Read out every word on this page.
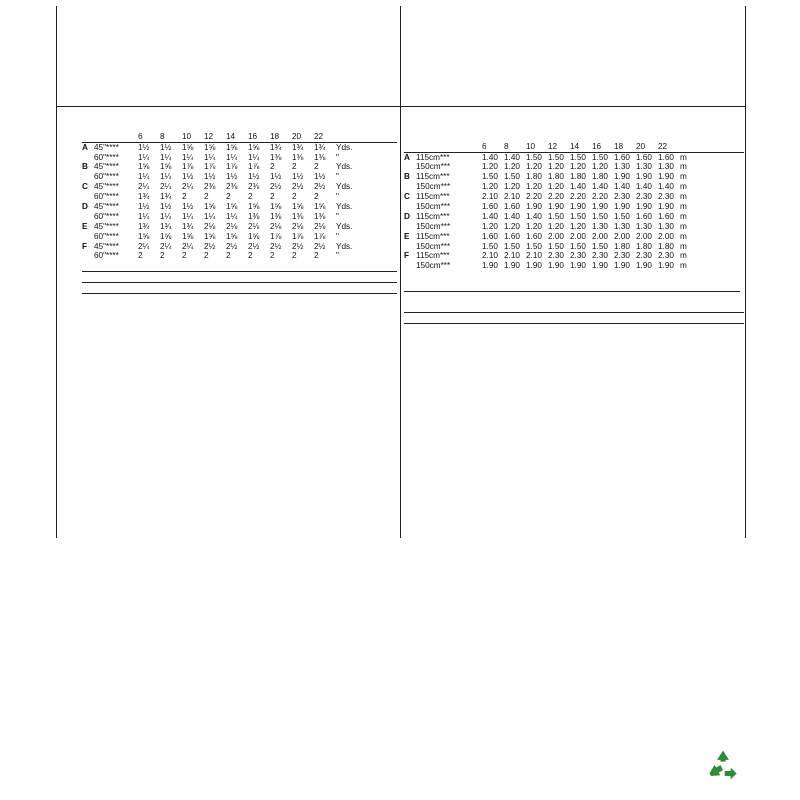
6	8	10	12	14	16	18	20	22
A 45"****	1½	1½	1⅝	1⅝	1⅝	1⅝	1¾	1¾	1¾	Yds.
60"****	1¼	1¼	1¼	1¼	1¼	1¼	1⅜	1⅜	1⅜	"
B 45"****	1⅝	1⅝	1⅞	1⅞	1⅞	1⅞	2	2	2	Yds.
60"****	1¼	1¼	1½	1½	1½	1½	1½	1½	1½	"
C 45"****	2¼	2¼	2¼	2⅜	2⅜	2⅜	2½	2½	2½	Yds.
60"****	1¾	1¾	2	2	2	2	2	2	2	"
D 45"****	1½	1½	1½	1⅝	1⅝	1⅝	1⅝	1⅝	1⅝	Yds.
60"****	1¼	1¼	1¼	1¼	1¼	1⅜	1⅜	1⅜	1⅜	"
E 45"****	1¾	1¾	1¾	2⅛	2⅛	2⅛	2⅛	2⅛	2⅛	Yds.
60"****	1⅝	1⅝	1⅝	1⅝	1⅝	1⅝	1⅞	1⅞	1⅞	"
F 45"****	2¼	2¼	2¼	2½	2½	2½	2½	2½	2½	Yds.
60"****	2	2	2	2	2	2	2	2	2	"

6	8	10	12	14	16	18	20	22
A 115cm***	1.40 1.40 1.50 1.50 1.50 1.50 1.60 1.60 1.60 m
150cm***	1.20 1.20 1.20 1.20 1.20 1.20 1.30 1.30 1.30 m
B 115cm***	1.50 1.50 1.80 1.80 1.80 1.80 1.90 1.90 1.90 m
150cm***	1.20 1.20 1.20 1.20 1.40 1.40 1.40 1.40 1.40 m
C 115cm***	2.10 2.10 2.20 2.20 2.20 2.20 2.30 2.30 2.30 m
150cm***	1.60 1.60 1.90 1.90 1.90 1.90 1.90 1.90 1.90 m
D 115cm***	1.40 1.40 1.40 1.50 1.50 1.50 1.50 1.60 1.60 m
150cm***	1.20 1.20 1.20 1.20 1.20 1.30 1.30 1.30 1.30 m
E 115cm***	1.60 1.60 1.60 2.00 2.00 2.00 2.00 2.00 2.00 m
150cm***	1.50 1.50 1.50 1.50 1.50 1.50 1.80 1.80 1.80 m
F 115cm***	2.10 2.10 2.10 2.30 2.30 2.30 2.30 2.30 2.30 m
150cm***	1.90 1.90 1.90 1.90 1.90 1.90 1.90 1.90 1.90 m
